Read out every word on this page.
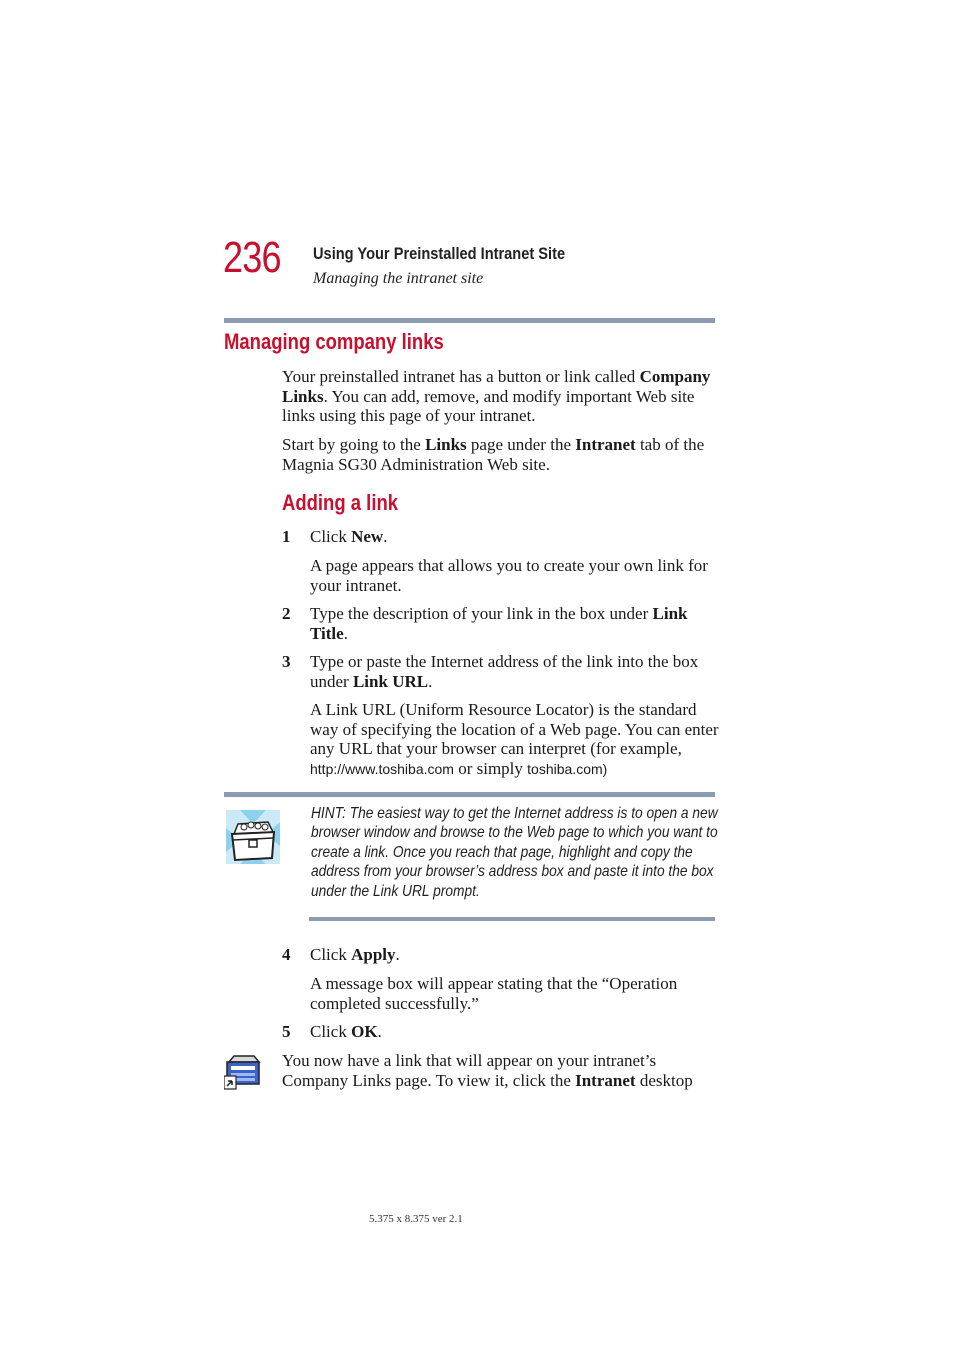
236 Using Your Preinstalled Intranet Site
Managing the intranet site
Managing company links
Your preinstalled intranet has a button or link called Company Links. You can add, remove, and modify important Web site links using this page of your intranet.
Start by going to the Links page under the Intranet tab of the Magnia SG30 Administration Web site.
Adding a link
1 Click New.
A page appears that allows you to create your own link for your intranet.
2 Type the description of your link in the box under Link Title.
3 Type or paste the Internet address of the link into the box under Link URL.
A Link URL (Uniform Resource Locator) is the standard way of specifying the location of a Web page. You can enter any URL that your browser can interpret (for example, http://www.toshiba.com or simply toshiba.com)
HINT: The easiest way to get the Internet address is to open a new browser window and browse to the Web page to which you want to create a link. Once you reach that page, highlight and copy the address from your browser’s address box and paste it into the box under the Link URL prompt.
4 Click Apply.
A message box will appear stating that the “Operation completed successfully.”
5 Click OK.
You now have a link that will appear on your intranet’s Company Links page. To view it, click the Intranet desktop
5.375 x 8.375 ver 2.1
